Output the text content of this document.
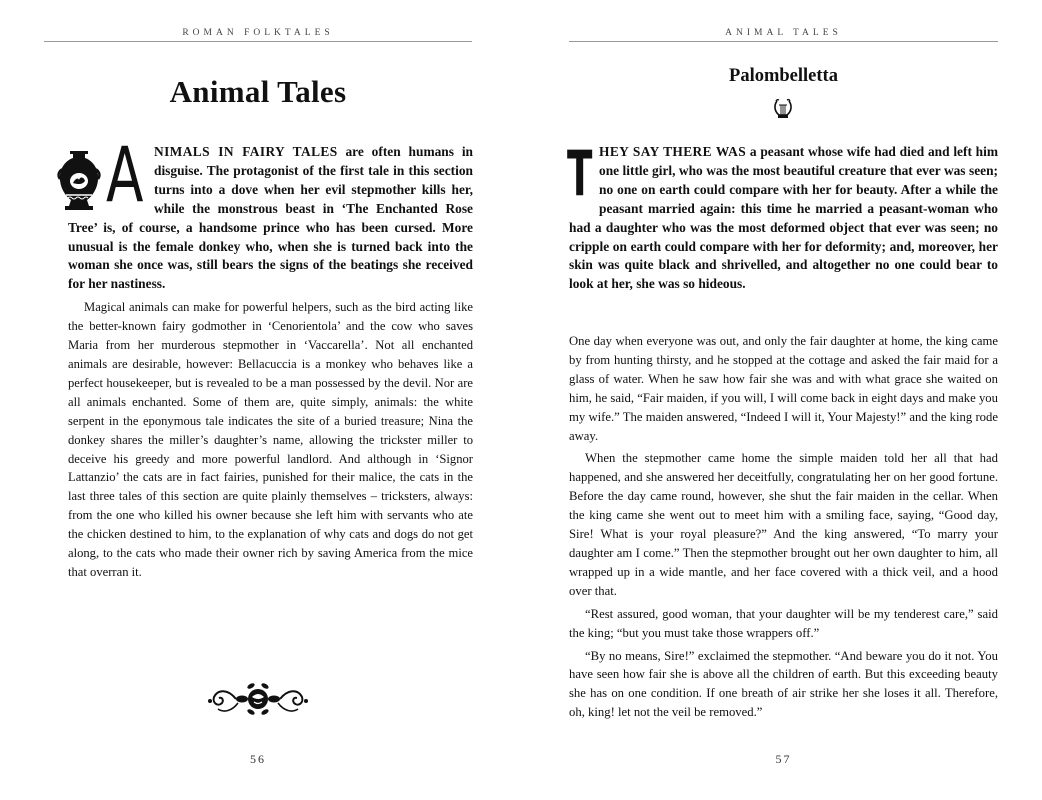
ROMAN FOLKTALES
Animal Tales

A NIMALS IN FAIRY TALES are often humans in disguise. The protagonist of the first tale in this section turns into a dove when her evil stepmother kills her, while the monstrous beast in ‘The Enchanted Rose Tree’ is, of course, a handsome prince who has been cursed. More unusual is the female donkey who, when she is turned back into the woman she once was, still bears the signs of the beatings she received for her nastiness.

Magical animals can make for powerful helpers, such as the bird acting like the better-known fairy godmother in ‘Cenorientola’ and the cow who saves Maria from her murderous stepmother in ‘Vaccarella’. Not all enchanted animals are desirable, however: Bellacuccia is a monkey who behaves like a perfect housekeeper, but is revealed to be a man possessed by the devil. Nor are all animals enchanted. Some of them are, quite simply, animals: the white serpent in the eponymous tale indicates the site of a buried treasure; Nina the donkey shares the miller’s daughter’s name, allowing the trickster miller to deceive his greedy and more powerful landlord. And although in ‘Signor Lattanzio’ the cats are in fact fairies, punished for their malice, the cats in the last three tales of this section are quite plainly themselves – tricksters, always: from the one who killed his owner because she left him with servants who ate the chicken destined to him, to the explanation of why cats and dogs do not get along, to the cats who made their owner rich by saving America from the mice that overran it.

56
ANIMAL TALES
Palombelletta

T HEY SAY THERE WAS a peasant whose wife had died and left him one little girl, who was the most beautiful creature that ever was seen; no one on earth could compare with her for beauty. After a while the peasant married again: this time he married a peasant-woman who had a daughter who was the most deformed object that ever was seen; no cripple on earth could compare with her for deformity; and, moreover, her skin was quite black and shrivelled, and altogether no one could bear to look at her, she was so hideous.

One day when everyone was out, and only the fair daughter at home, the king came by from hunting thirsty, and he stopped at the cottage and asked the fair maid for a glass of water. When he saw how fair she was and with what grace she waited on him, he said, “Fair maiden, if you will, I will come back in eight days and make you my wife.” The maiden answered, “Indeed I will it, Your Majesty!” and the king rode away.

When the stepmother came home the simple maiden told her all that had happened, and she answered her deceitfully, congratulating her on her good fortune. Before the day came round, however, she shut the fair maiden in the cellar. When the king came she went out to meet him with a smiling face, saying, “Good day, Sire! What is your royal pleasure?” And the king answered, “To marry your daughter am I come.” Then the stepmother brought out her own daughter to him, all wrapped up in a wide mantle, and her face covered with a thick veil, and a hood over that.

“Rest assured, good woman, that your daughter will be my tenderest care,” said the king; “but you must take those wrappers off.”

“By no means, Sire!” exclaimed the stepmother. “And beware you do it not. You have seen how fair she is above all the children of earth. But this exceeding beauty she has on one condition. If one breath of air strike her she loses it all. Therefore, oh, king! let not the veil be removed.”

57
